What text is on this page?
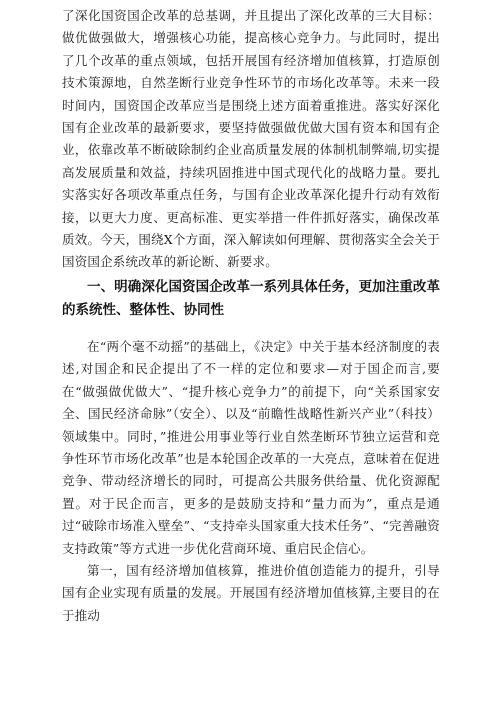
了深化国资国企改革的总基调，并且提出了深化改革的三大目标：做优做强做大，增强核心功能，提高核心竞争力。与此同时，提出了几个改革的重点领域，包括开展国有经济增加值核算，打造原创技术策源地，自然垄断行业竞争性环节的市场化改革等。未来一段时间内，国资国企改革应当是围绕上述方面着重推进。落实好深化国有企业改革的最新要求，要坚持做强做优做大国有资本和国有企业，依靠改革不断破除制约企业高质量发展的体制机制弊端,切实提高发展质量和效益，持续巩固推进中国式现代化的战略力量。要扎实落实好各项改革重点任务，与国有企业改革深化提升行动有效衔接，以更大力度、更高标准、更实举措一件件抓好落实，确保改革质效。今天，围绕X个方面，深入解读如何理解、贯彻落实全会关于国资国企系统改革的新论断、新要求。

一、明确深化国资国企改革一系列具体任务，更加注重改革的系统性、整体性、协同性

在“两个毫不动摇”的基础上，《决定》中关于基本经济制度的表述,对国企和民企提出了不一样的定位和要求—对于国企而言,要在“做强做优做大”、“提升核心竞争力”的前提下，向“关系国家安全、国民经济命脉”（安全）、以及“前瞻性战略性新兴产业”（科技）领域集中。同时，”推进公用事业等行业自然垄断环节独立运营和竞争性环节市场化改革”也是本轮国企改革的一大亮点，意味着在促进竞争、带动经济增长的同时，可提高公共服务供给量、优化资源配置。对于民企而言，更多的是鼓励支持和“量力而为”，重点是通过“破除市场准入壁垒”、“支持牵头国家重大技术任务”、“完善融资支持政策”等方式进一步优化营商环境、重启民企信心。

第一，国有经济增加值核算，推进价值创造能力的提升，引导国有企业实现有质量的发展。开展国有经济增加值核算,主要目的在于推动
